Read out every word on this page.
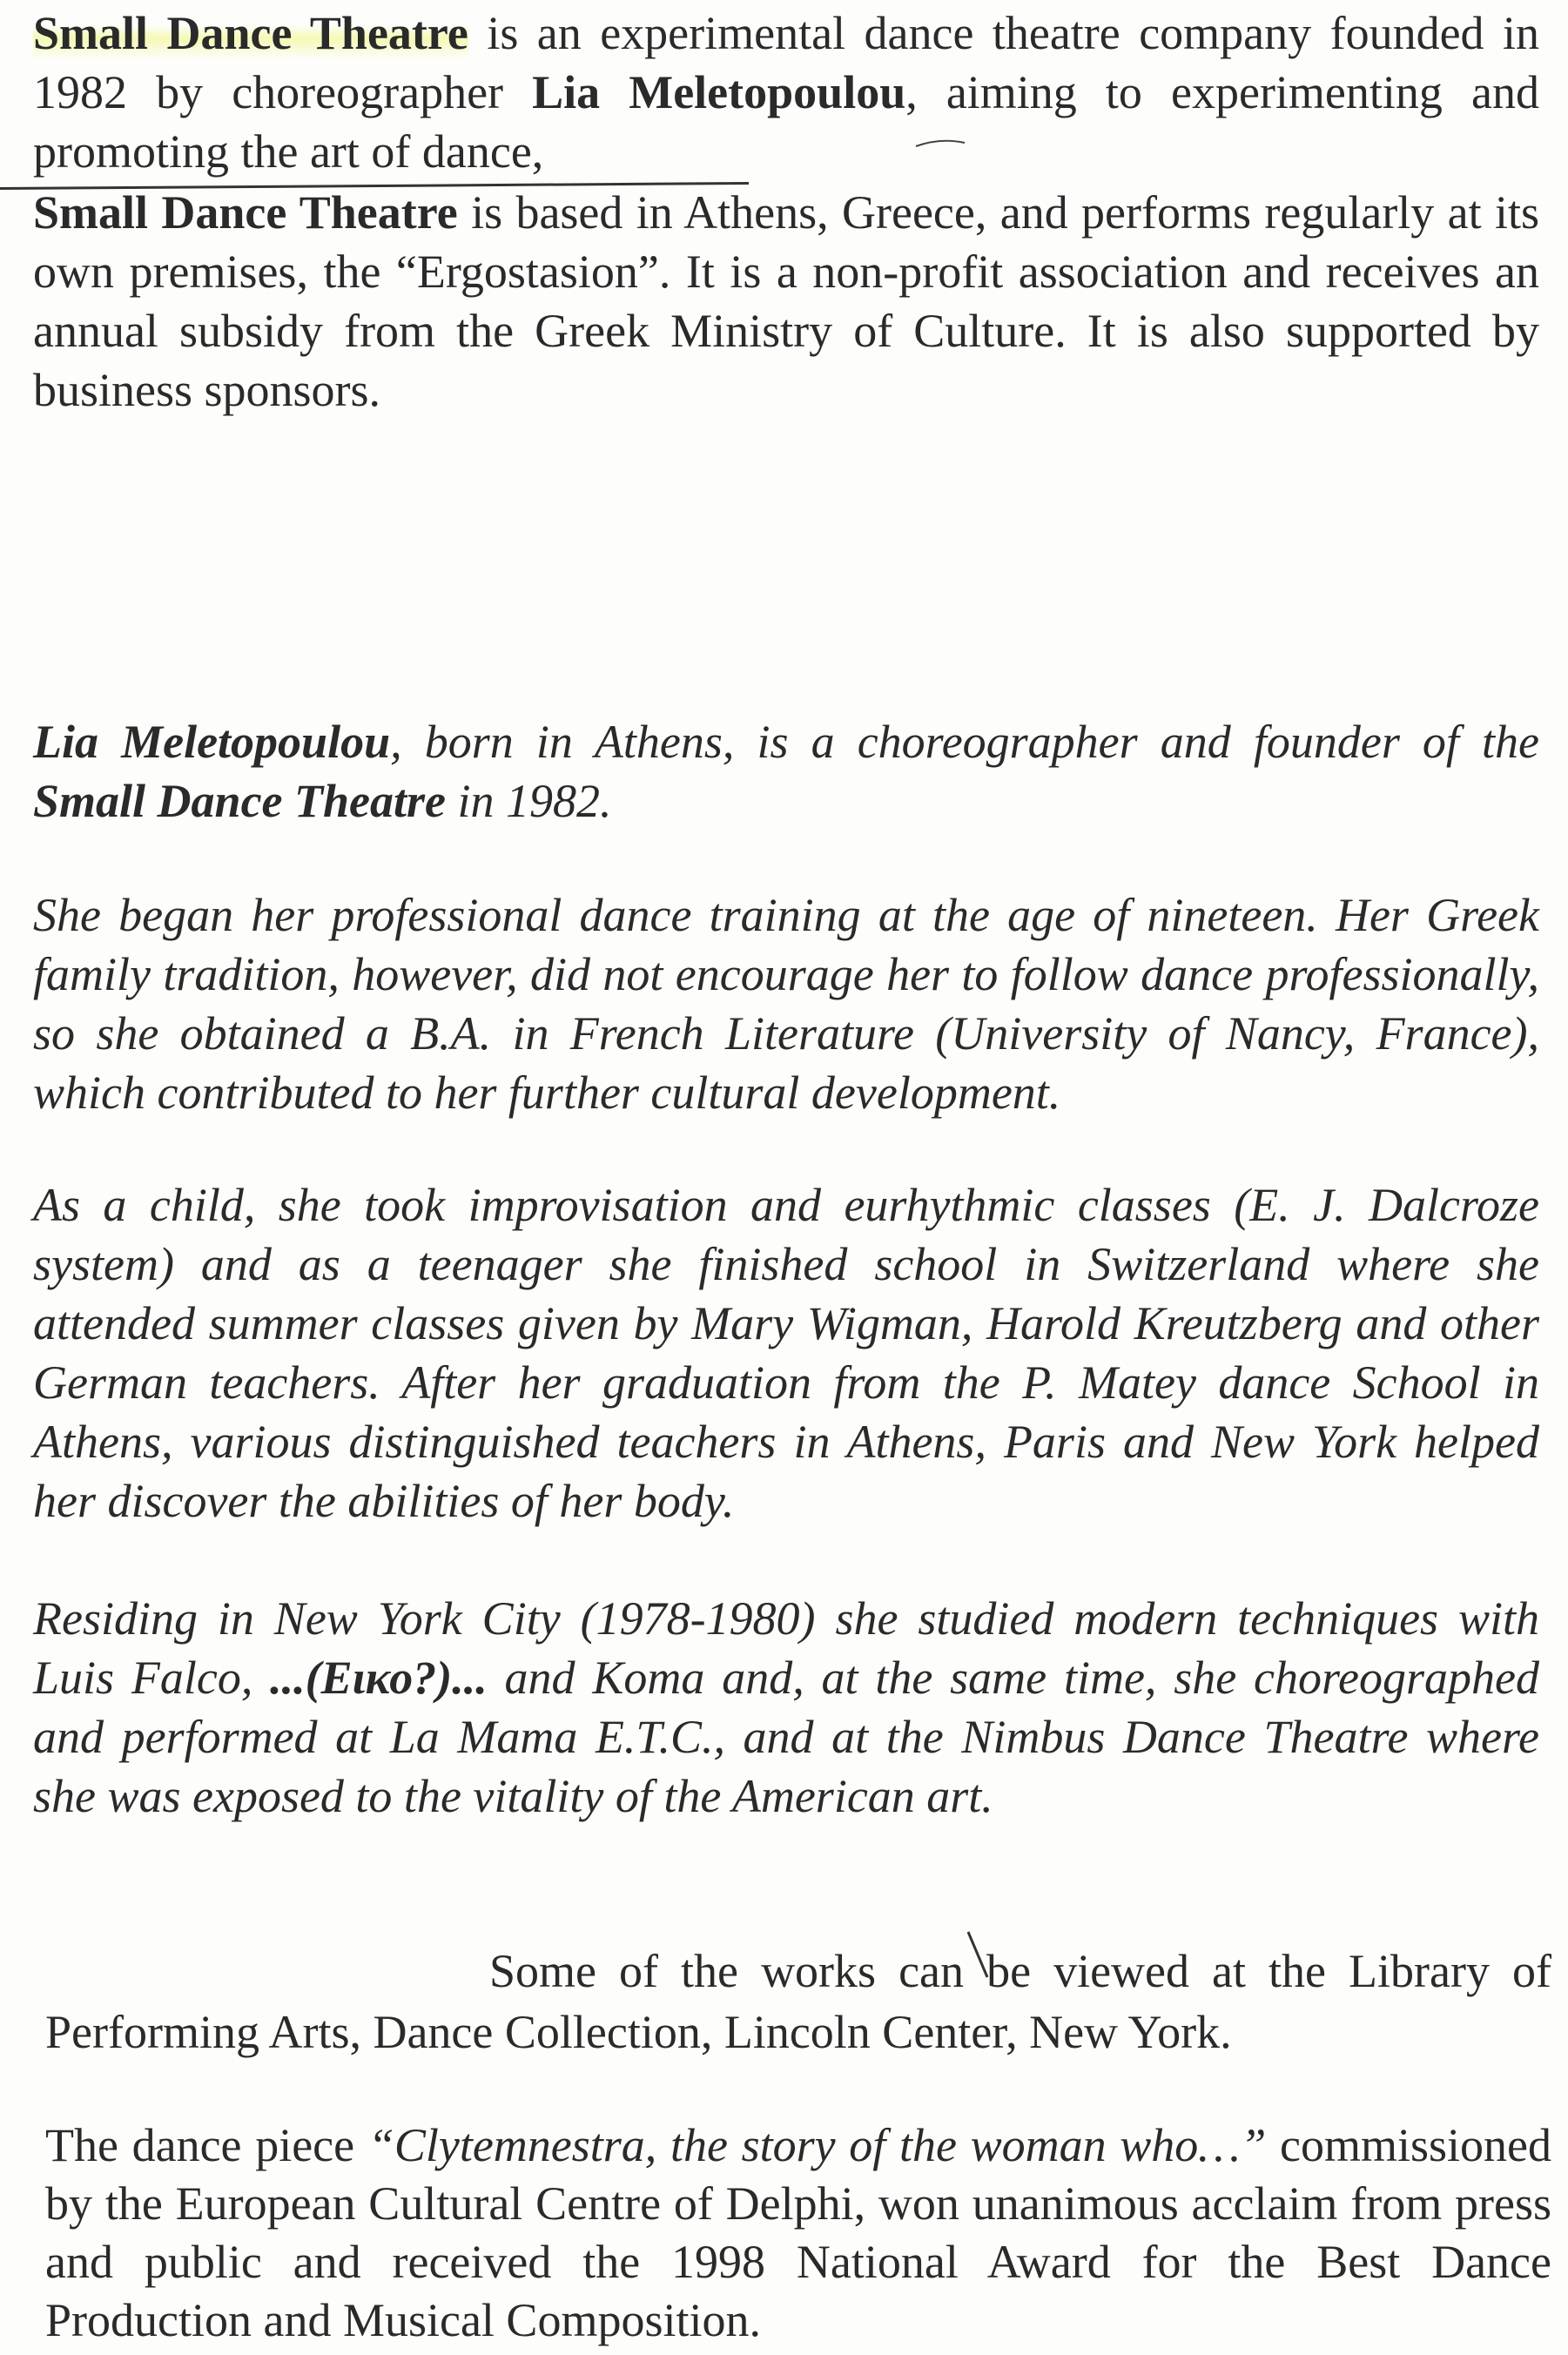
Small Dance Theatre is an experimental dance theatre company founded in 1982 by choreographer Lia Meletopoulou, aiming to experimenting and promoting the art of dance,

Small Dance Theatre is based in Athens, Greece, and performs regularly at its own premises, the “Ergostasion”. It is a non-profit association and receives an annual subsidy from the Greek Ministry of Culture. It is also supported by business sponsors.

Lia Meletopoulou, born in Athens, is a choreographer and founder of the Small Dance Theatre in 1982.

She began her professional dance training at the age of nineteen. Her Greek family tradition, however, did not encourage her to follow dance professionally, so she obtained a B.A. in French Literature (University of Nancy, France), which contributed to her further cultural development.

As a child, she took improvisation and eurhythmic classes (E. J. Dalcroze system) and as a teenager she finished school in Switzerland where she attended summer classes given by Mary Wigman, Harold Kreutzberg and other German teachers. After her graduation from the P. Matey dance School in Athens, various distinguished teachers in Athens, Paris and New York helped her discover the abilities of her body.

Residing in New York City (1978-1980) she studied modern techniques with Luis Falco, ...(Εικο?)... and Koma and, at the same time, she choreographed and performed at La Mama E.T.C., and at the Nimbus Dance Theatre where she was exposed to the vitality of the American art.

Some of the works can be viewed at the Library of Performing Arts, Dance Collection, Lincoln Center, New York.

The dance piece “Clytemnestra, the story of the woman who…” commissioned by the European Cultural Centre of Delphi, won unanimous acclaim from press and public and received the 1998 National Award for the Best Dance Production and Musical Composition.
